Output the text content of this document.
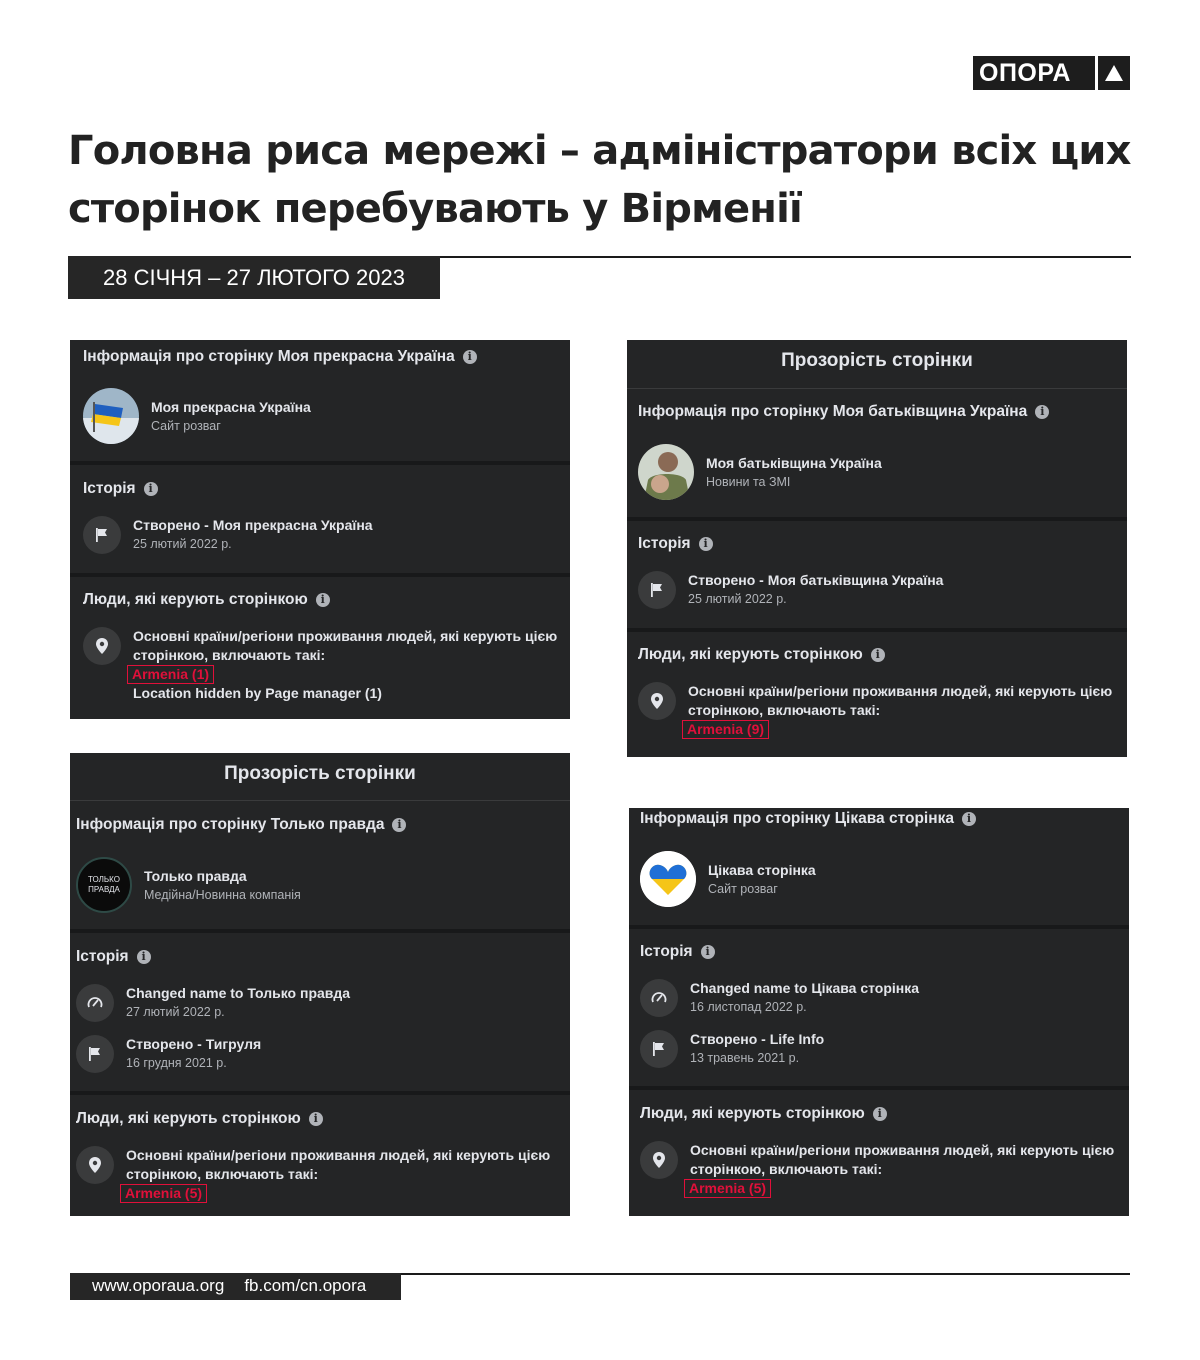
ОПОРА
Головна риса мережі – адміністратори всіх цих сторінок перебувають у Вірменії
28 СІЧНЯ – 27 ЛЮТОГО 2023
Інформація про сторінку Моя прекрасна Україна i
Моя прекрасна Україна
Сайт розваг
Історія i
Створено - Моя прекрасна Україна
25 лютий 2022 р.
Люди, які керують сторінкою i
Основні країни/регіони проживання людей, які керують цією сторінкою, включають такі:
Armenia (1)
Location hidden by Page manager (1)
Прозорість сторінки
Інформація про сторінку Моя батьківщина Україна i
Моя батьківщина Україна
Новини та ЗМІ
Історія i
Створено - Моя батьківщина Україна
25 лютий 2022 р.
Люди, які керують сторінкою i
Основні країни/регіони проживання людей, які керують цією сторінкою, включають такі:
Armenia (9)
Прозорість сторінки
Інформація про сторінку Только правда i
ТОЛЬКО
ПРАВДА
Только правда
Медійна/Новинна компанія
Історія i
Changed name to Только правда
27 лютий 2022 р.
Створено - Тигруля
16 грудня 2021 р.
Люди, які керують сторінкою i
Основні країни/регіони проживання людей, які керують цією сторінкою, включають такі:
Armenia (5)
Інформація про сторінку Цікава сторінка i
Цікава сторінка
Сайт розваг
Історія i
Changed name to Цікава сторінка
16 листопад 2022 р.
Створено - Life Info
13 травень 2021 р.
Люди, які керують сторінкою i
Основні країни/регіони проживання людей, які керують цією сторінкою, включають такі:
Armenia (5)
www.oporaua.org fb.com/cn.opora
